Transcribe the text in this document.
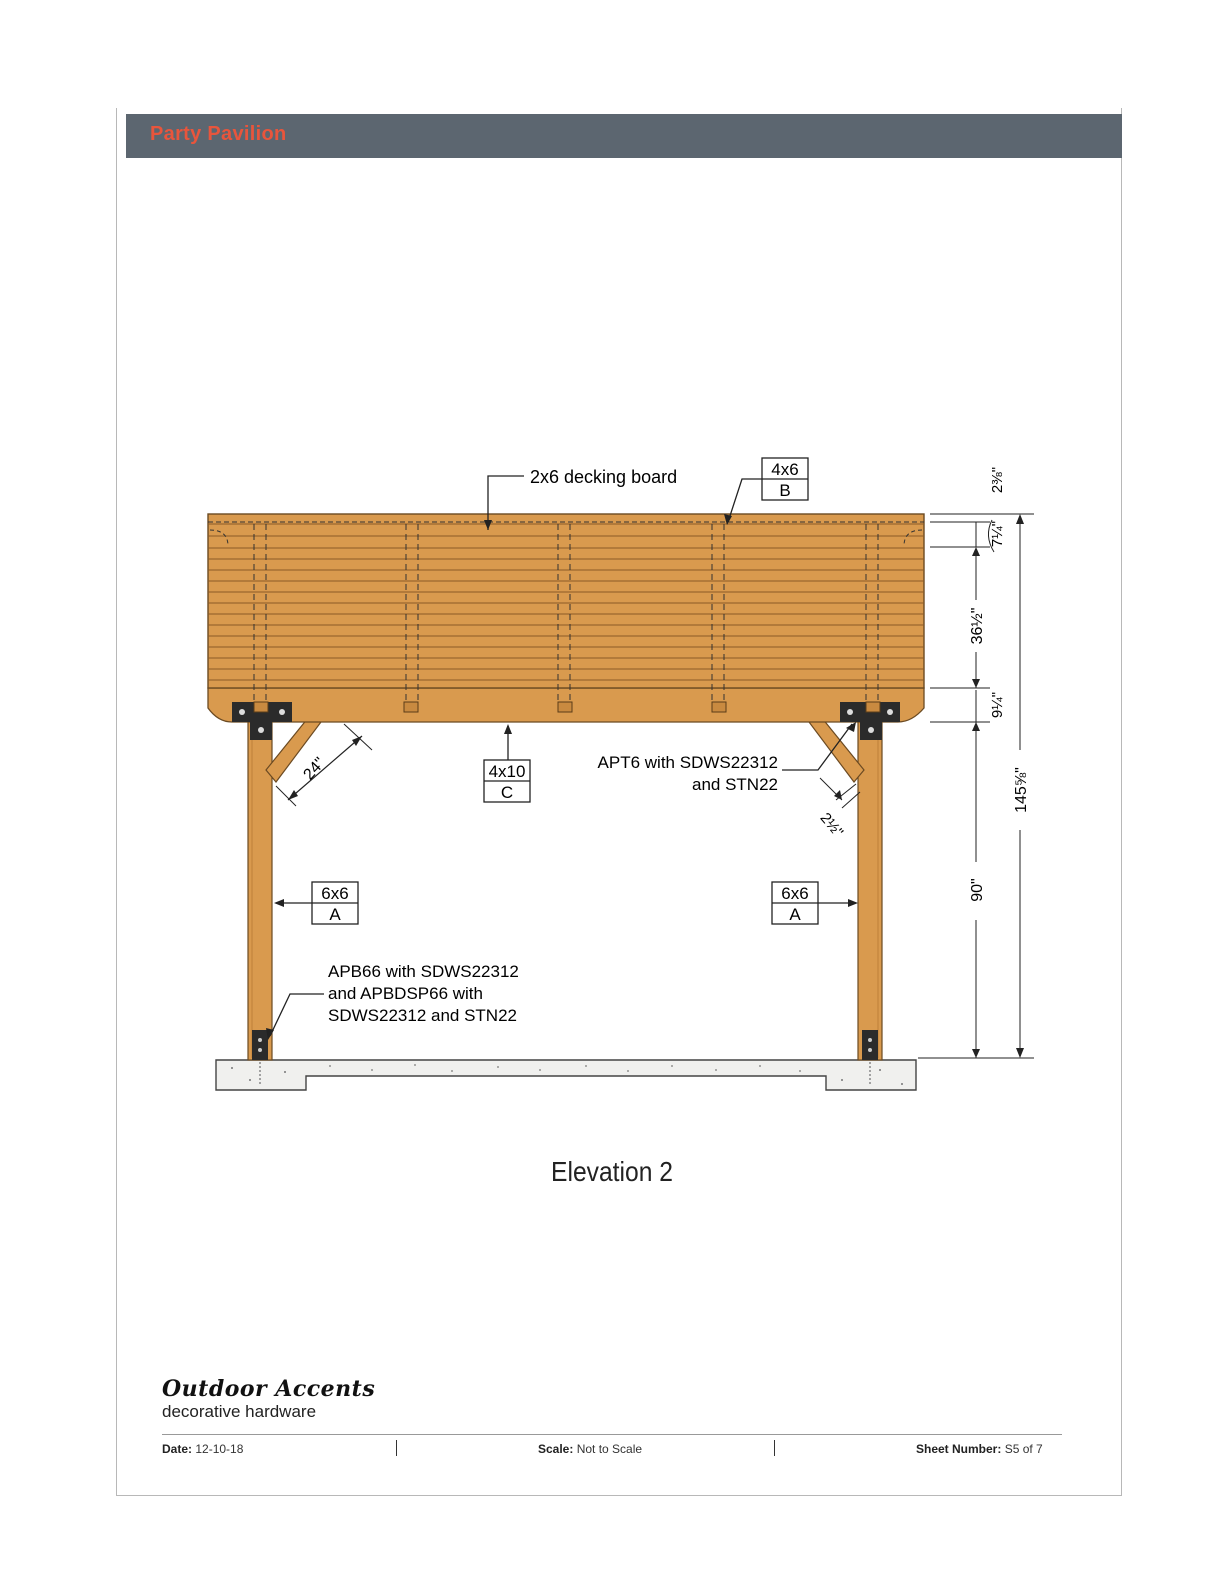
Party Pavilion
2x6 decking board	4x6
B
4x10
C
APT6 with SDWS22312
and STN22
24"
2½"
6x6
A
6x6
A
APB66 with SDWS22312
and APBDSP66 with
SDWS22312 and STN22
2⅜"
7¼"
36½"
9¼"
90"
145⅝"
Elevation 2
Outdoor Accents
decorative hardware
Date: 12-10-18	Scale: Not to Scale	Sheet Number: S5 of 7
